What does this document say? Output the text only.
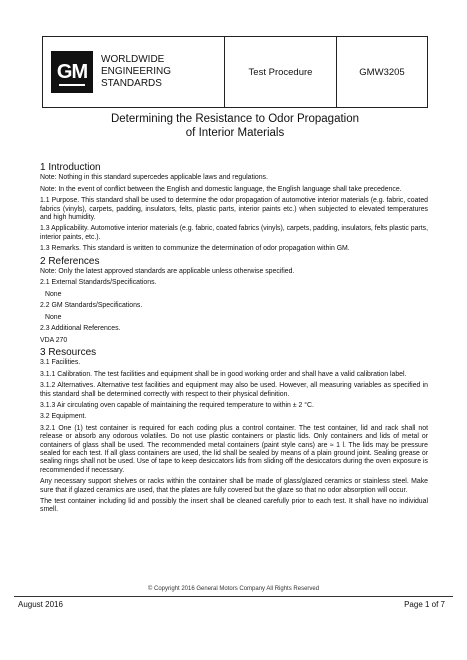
GM
WORLDWIDE
ENGINEERING
STANDARDS
Test Procedure	GMW3205
Determining the Resistance to Odor Propagation
of Interior Materials
1 Introduction

Note: Nothing in this standard supercedes applicable laws and regulations.

Note: In the event of conflict between the English and domestic language, the English language shall take precedence.

1.1 Purpose. This standard shall be used to determine the odor propagation of automotive interior materials (e.g. fabric, coated fabrics (vinyls), carpets, padding, insulators, felts, plastic parts, interior paints etc.) when subjected to elevated temperatures and high humidity.

1.3 Applicability. Automotive interior materials (e.g. fabric, coated fabrics (vinyls), carpets, padding, insulators, felts plastic parts, interior paints, etc.).

1.3 Remarks. This standard is written to communize the determination of odor propagation within GM.

2 References

Note: Only the latest approved standards are applicable unless otherwise specified.

2.1 External Standards/Specifications.

None

2.2 GM Standards/Specifications.

None

2.3 Additional References.

VDA 270

3 Resources

3.1 Facilities.

3.1.1 Calibration. The test facilities and equipment shall be in good working order and shall have a valid calibration label.

3.1.2 Alternatives. Alternative test facilities and equipment may also be used. However, all measuring variables as specified in this standard shall be determined correctly with respect to their physical definition.

3.1.3 Air circulating oven capable of maintaining the required temperature to within ± 2 °C.

3.2 Equipment.

3.2.1 One (1) test container is required for each coding plus a control container. The test container, lid and rack shall not release or absorb any odorous volatiles. Do not use plastic containers or plastic lids. Only containers and lids of metal or containers of glass shall be used. The recommended metal containers (paint style cans) are ≈ 1 l. The lids may be pressure sealed for each test. If all glass containers are used, the lid shall be sealed by means of a plain ground joint. Sealing grease or sealing rings shall not be used. Use of tape to keep desiccators lids from sliding off the desiccators during the oven exposure is recommended if necessary.

Any necessary support shelves or racks within the container shall be made of glass/glazed ceramics or stainless steel. Make sure that if glazed ceramics are used, that the plates are fully covered but the glaze so that no odor absorption will occur.

The test container including lid and possibly the insert shall be cleaned carefully prior to each test. It shall have no individual smell.

© Copyright 2016 General Motors Company All Rights Reserved
August 2016	Page 1 of 7
